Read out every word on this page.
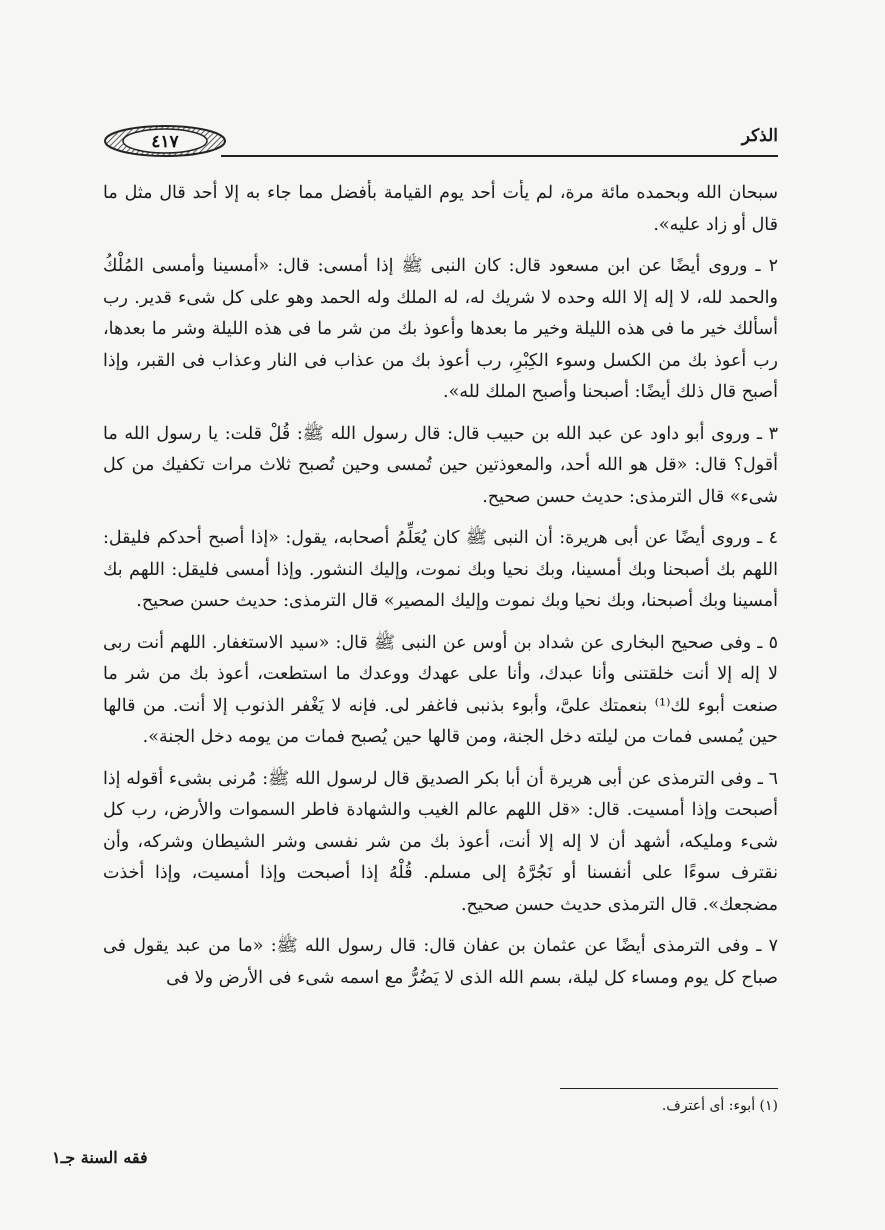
٤١٧	الذكر

سبحان الله وبحمده مائة مرة، لم يأت أحد يوم القيامة بأفضل مما جاء به إلا أحد قال مثل ما قال أو زاد عليه».

٢ ـ وروى أيضًا عن ابن مسعود قال: كان النبى ﷺ إذا أمسى: قال: «أمسينا وأمسى المُلْكُ والحمد لله، لا إله إلا الله وحده لا شريك له، له الملك وله الحمد وهو على كل شىء قدير. رب أسألك خير ما فى هذه الليلة وخير ما بعدها وأعوذ بك من شر ما فى هذه الليلة وشر ما بعدها، رب أعوذ بك من الكسل وسوء الكِبْرِ، رب أعوذ بك من عذاب فى النار وعذاب فى القبر، وإذا أصبح قال ذلك أيضًا: أصبحنا وأصبح الملك لله».

٣ ـ وروى أبو داود عن عبد الله بن حبيب قال: قال رسول الله ﷺ: قُلْ قلت: يا رسول الله ما أقول؟ قال: «قل هو الله أحد، والمعوذتين حين تُمسى وحين تُصبح ثلاث مرات تكفيك من كل شىء» قال الترمذى: حديث حسن صحيح.

٤ ـ وروى أيضًا عن أبى هريرة: أن النبى ﷺ كان يُعَلِّمُ أصحابه، يقول: «إذا أصبح أحدكم فليقل: اللهم بك أصبحنا وبك أمسينا، وبك نحيا وبك نموت، وإليك النشور. وإذا أمسى فليقل: اللهم بك أمسينا وبك أصبحنا، وبك نحيا وبك نموت وإليك المصير» قال الترمذى: حديث حسن صحيح.

٥ ـ وفى صحيح البخارى عن شداد بن أوس عن النبى ﷺ قال: «سيد الاستغفار. اللهم أنت ربى لا إله إلا أنت خلقتنى وأنا عبدك، وأنا على عهدك ووعدك ما استطعت، أعوذ بك من شر ما صنعت أبوء لك⁽¹⁾ بنعمتك علىَّ، وأبوء بذنبى فاغفر لى. فإنه لا يَغْفر الذنوب إلا أنت. من قالها حين يُمسى فمات من ليلته دخل الجنة، ومن قالها حين يُصبح فمات من يومه دخل الجنة».

٦ ـ وفى الترمذى عن أبى هريرة أن أبا بكر الصديق قال لرسول الله ﷺ: مُرنى بشىء أقوله إذا أصبحت وإذا أمسيت. قال: «قل اللهم عالم الغيب والشهادة فاطر السموات والأرض، رب كل شىء ومليكه، أشهد أن لا إله إلا أنت، أعوذ بك من شر نفسى وشر الشيطان وشركه، وأن نقترف سوءًا على أنفسنا أو نَجُرَّهُ إلى مسلم. قُلْهُ إذا أصبحت وإذا أمسيت، وإذا أخذت مضجعك». قال الترمذى حديث حسن صحيح.

٧ ـ وفى الترمذى أيضًا عن عثمان بن عفان قال: قال رسول الله ﷺ: «ما من عبد يقول فى صباح كل يوم ومساء كل ليلة، بسم الله الذى لا يَضُرُّ مع اسمه شىء فى الأرض ولا فى

(١) أبوء: أى أعترف.
فقه السنة جـ١
